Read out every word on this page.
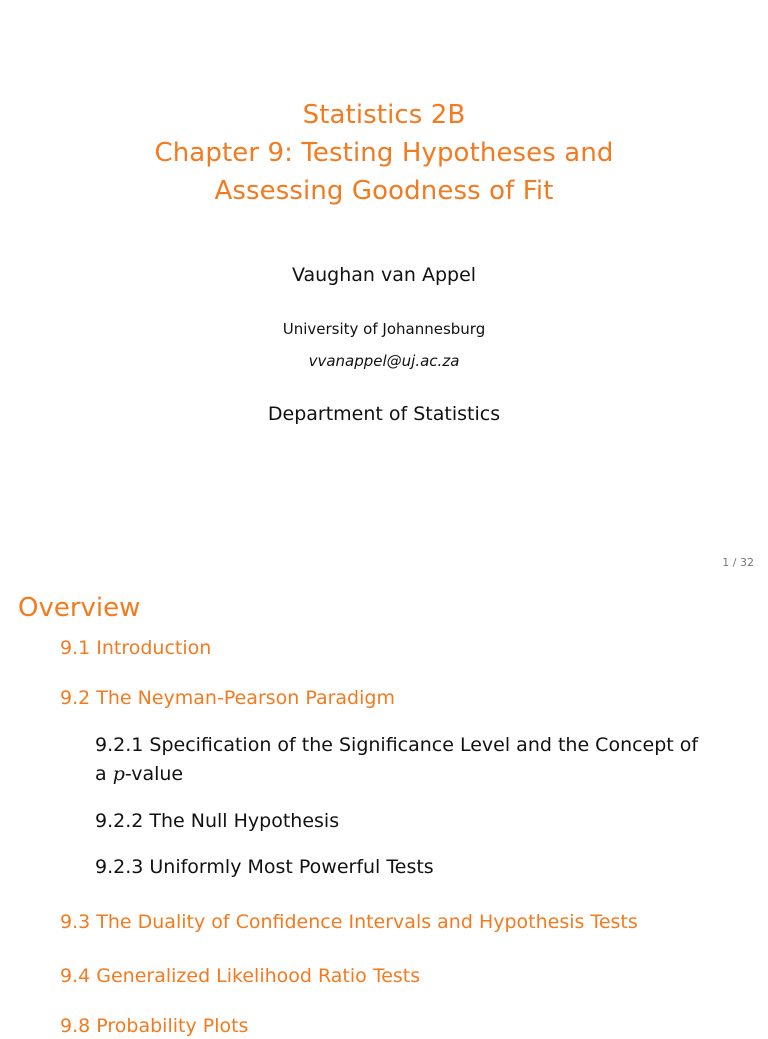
Statistics 2B
Chapter 9: Testing Hypotheses and
Assessing Goodness of Fit
Vaughan van Appel
University of Johannesburg
vvanappel@uj.ac.za
Department of Statistics
1 / 32
Overview
9.1 Introduction
9.2 The Neyman-Pearson Paradigm
9.2.1 Specification of the Significance Level and the Concept of
a p-value
9.2.2 The Null Hypothesis
9.2.3 Uniformly Most Powerful Tests
9.3 The Duality of Confidence Intervals and Hypothesis Tests
9.4 Generalized Likelihood Ratio Tests
9.8 Probability Plots
